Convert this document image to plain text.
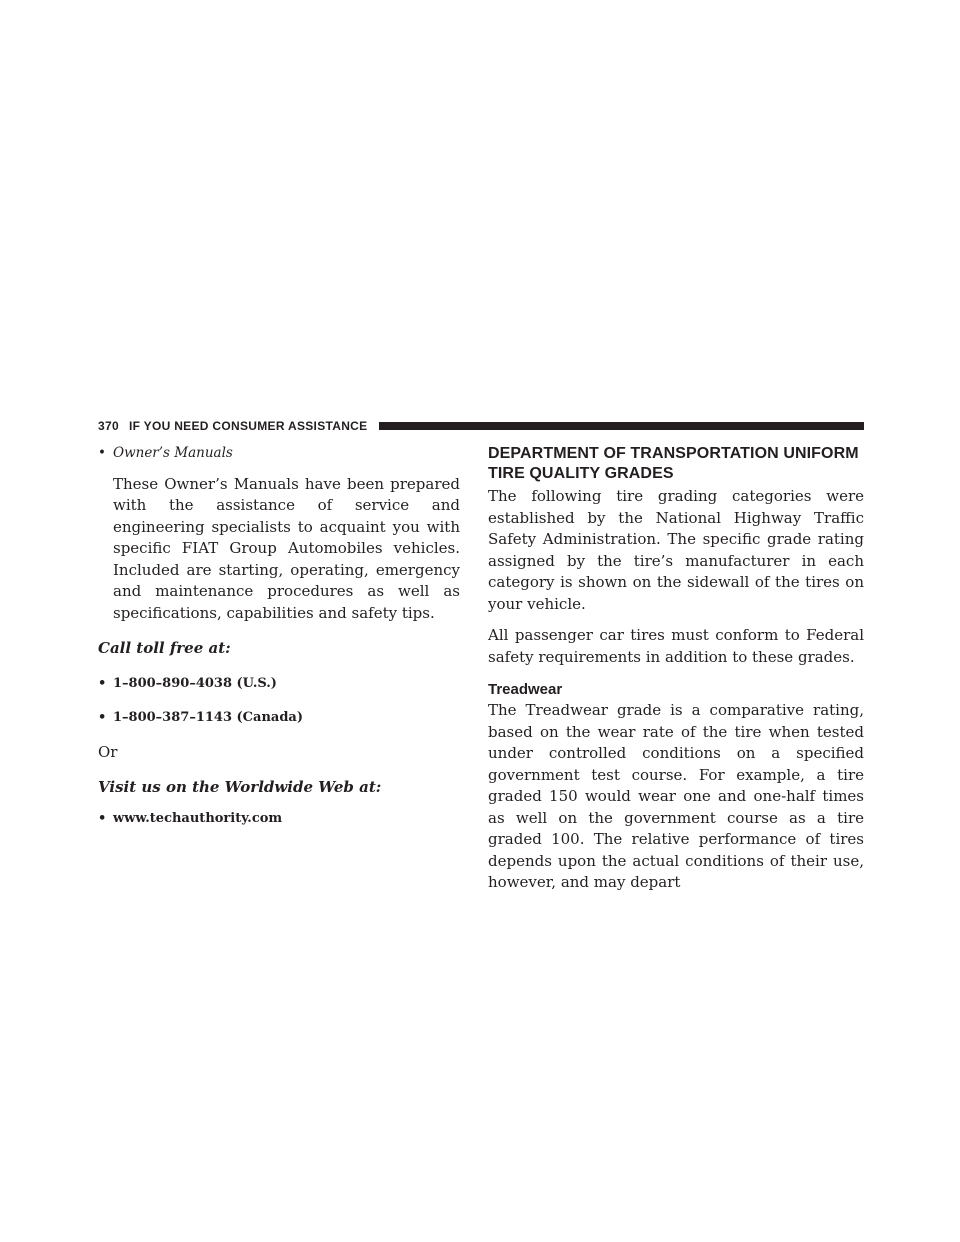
370 IF YOU NEED CONSUMER ASSISTANCE
• Owner’s Manuals

These Owner’s Manuals have been prepared with the assistance of service and engineering specialists to acquaint you with specific FIAT Group Automobiles vehicles. Included are starting, operating, emergency and maintenance procedures as well as specifications, capabilities and safety tips.

Call toll free at:
• 1–800–890–4038 (U.S.)
• 1–800–387–1143 (Canada)
Or
Visit us on the Worldwide Web at:
• www.techauthority.com
DEPARTMENT OF TRANSPORTATION UNIFORM TIRE QUALITY GRADES

The following tire grading categories were established by the National Highway Traffic Safety Administration. The specific grade rating assigned by the tire’s manufacturer in each category is shown on the sidewall of the tires on your vehicle.

All passenger car tires must conform to Federal safety requirements in addition to these grades.

Treadwear

The Treadwear grade is a comparative rating, based on the wear rate of the tire when tested under controlled conditions on a specified government test course. For example, a tire graded 150 would wear one and one-half times as well on the government course as a tire graded 100. The relative performance of tires depends upon the actual conditions of their use, however, and may depart
